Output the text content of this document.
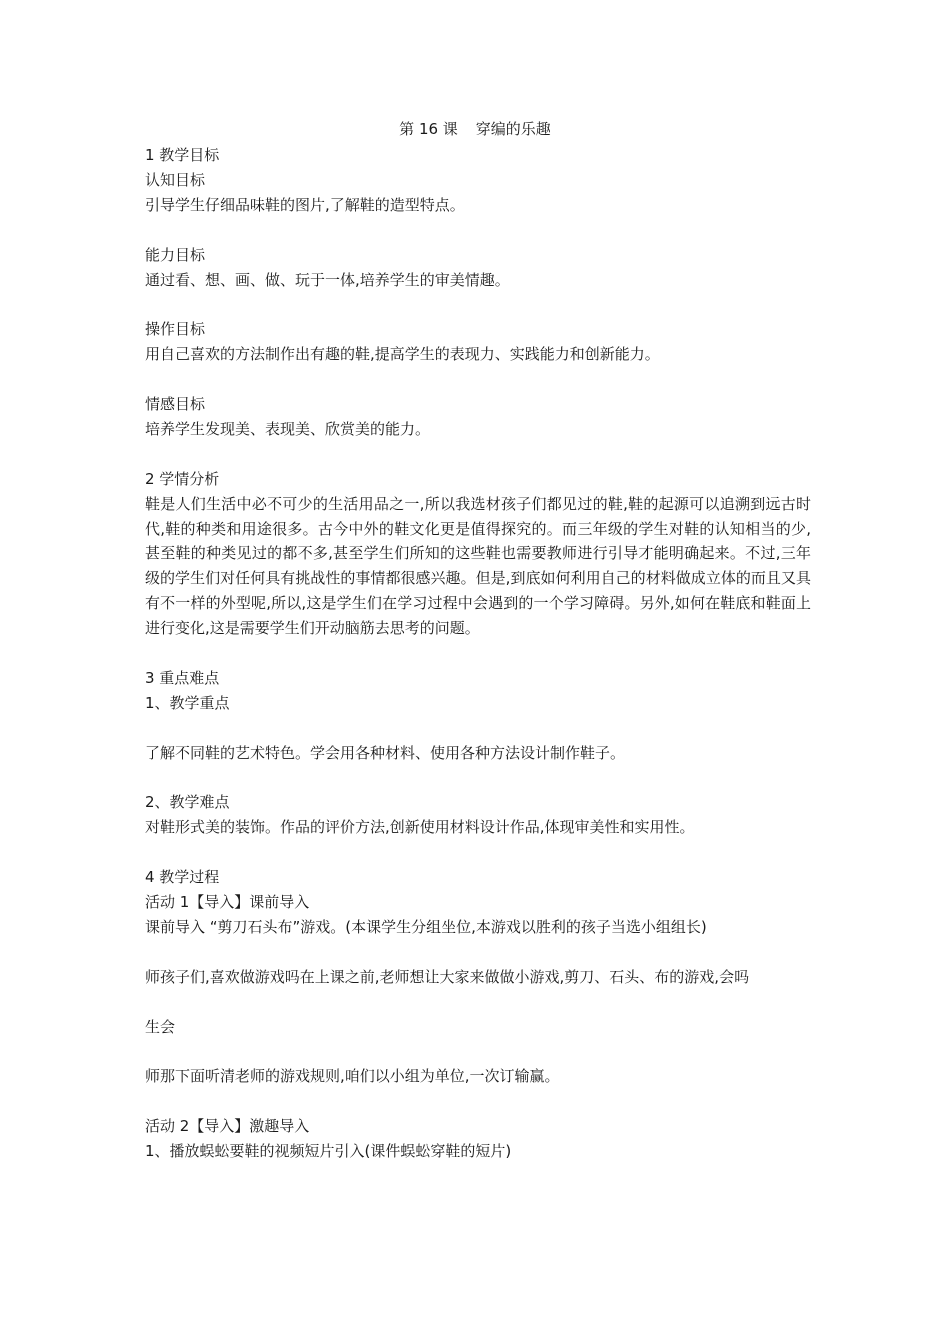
第 16 课 穿编的乐趣

1 教学目标

认知目标

引导学生仔细品味鞋的图片,了解鞋的造型特点。

能力目标

通过看、想、画、做、玩于一体,培养学生的审美情趣。

操作目标

用自己喜欢的方法制作出有趣的鞋,提高学生的表现力、实践能力和创新能力。

情感目标

培养学生发现美、表现美、欣赏美的能力。

2 学情分析

鞋是人们生活中必不可少的生活用品之一,所以我选材孩子们都见过的鞋,鞋的起源可以追溯到远古时代,鞋的种类和用途很多。古今中外的鞋文化更是值得探究的。而三年级的学生对鞋的认知相当的少,甚至鞋的种类见过的都不多,甚至学生们所知的这些鞋也需要教师进行引导才能明确起来。不过,三年级的学生们对任何具有挑战性的事情都很感兴趣。但是,到底如何利用自己的材料做成立体的而且又具有不一样的外型呢,所以,这是学生们在学习过程中会遇到的一个学习障碍。另外,如何在鞋底和鞋面上进行变化,这是需要学生们开动脑筋去思考的问题。

3 重点难点

1、教学重点

了解不同鞋的艺术特色。学会用各种材料、使用各种方法设计制作鞋子。

2、教学难点

对鞋形式美的装饰。作品的评价方法,创新使用材料设计作品,体现审美性和实用性。

4 教学过程

活动 1【导入】课前导入

课前导入 “剪刀石头布”游戏。(本课学生分组坐位,本游戏以胜利的孩子当选小组组长)

师孩子们,喜欢做游戏吗在上课之前,老师想让大家来做做小游戏,剪刀、石头、布的游戏,会吗

生会

师那下面听清老师的游戏规则,咱们以小组为单位,一次订输赢。

活动 2【导入】激趣导入

1、播放蜈蚣要鞋的视频短片引入(课件蜈蚣穿鞋的短片)
